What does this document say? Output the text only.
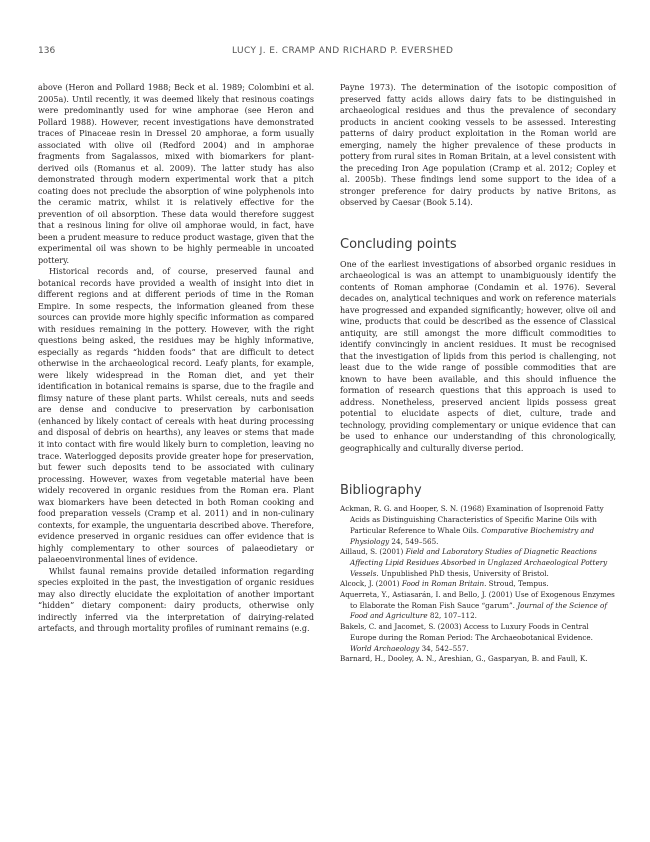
136	LUCY J. E. CRAMP AND RICHARD P. EVERSHED

above (Heron and Pollard 1988; Beck et al. 1989; Colombini et al. 2005a). Until recently, it was deemed likely that resinous coatings were predominantly used for wine amphorae (see Heron and Pollard 1988). However, recent investigations have demonstrated traces of Pinaceae resin in Dressel 20 amphorae, a form usually associated with olive oil (Redford 2004) and in amphorae fragments from Sagalassos, mixed with biomarkers for plant-derived oils (Romanus et al. 2009). The latter study has also demonstrated through modern experimental work that a pitch coating does not preclude the absorption of wine polyphenols into the ceramic matrix, whilst it is relatively effective for the prevention of oil absorption. These data would therefore suggest that a resinous lining for olive oil amphorae would, in fact, have been a prudent measure to reduce product wastage, given that the experimental oil was shown to be highly permeable in uncoated pottery.

Historical records and, of course, preserved faunal and botanical records have provided a wealth of insight into diet in different regions and at different periods of time in the Roman Empire. In some respects, the information gleaned from these sources can provide more highly specific information as compared with residues remaining in the pottery. However, with the right questions being asked, the residues may be highly informative, especially as regards “hidden foods” that are difficult to detect otherwise in the archaeological record. Leafy plants, for example, were likely widespread in the Roman diet, and yet their identification in botanical remains is sparse, due to the fragile and flimsy nature of these plant parts. Whilst cereals, nuts and seeds are dense and conducive to preservation by carbonisation (enhanced by likely contact of cereals with heat during processing and disposal of debris on hearths), any leaves or stems that made it into contact with fire would likely burn to completion, leaving no trace. Waterlogged deposits provide greater hope for preservation, but fewer such deposits tend to be associated with culinary processing. However, waxes from vegetable material have been widely recovered in organic residues from the Roman era. Plant wax biomarkers have been detected in both Roman cooking and food preparation vessels (Cramp et al. 2011) and in non-culinary contexts, for example, the unguentaria described above. Therefore, evidence preserved in organic residues can offer evidence that is highly complementary to other sources of palaeodietary or palaeoenvironmental lines of evidence.

Whilst faunal remains provide detailed information regarding species exploited in the past, the investigation of organic residues may also directly elucidate the exploitation of another important “hidden” dietary component: dairy products, otherwise only indirectly inferred via the interpretation of dairying-related artefacts, and through mortality profiles of ruminant remains (e.g.

Payne 1973). The determination of the isotopic composition of preserved fatty acids allows dairy fats to be distinguished in archaeological residues and thus the prevalence of secondary products in ancient cooking vessels to be assessed. Interesting patterns of dairy product exploitation in the Roman world are emerging, namely the higher prevalence of these products in pottery from rural sites in Roman Britain, at a level consistent with the preceding Iron Age population (Cramp et al. 2012; Copley et al. 2005b). These findings lend some support to the idea of a stronger preference for dairy products by native Britons, as observed by Caesar (Book 5.14).

Concluding points

One of the earliest investigations of absorbed organic residues in archaeological is was an attempt to unambiguously identify the contents of Roman amphorae (Condamin et al. 1976). Several decades on, analytical techniques and work on reference materials have progressed and expanded significantly; however, olive oil and wine, products that could be described as the essence of Classical antiquity, are still amongst the more difficult commodities to identify convincingly in ancient residues. It must be recognised that the investigation of lipids from this period is challenging, not least due to the wide range of possible commodities that are known to have been available, and this should influence the formation of research questions that this approach is used to address. Nonetheless, preserved ancient lipids possess great potential to elucidate aspects of diet, culture, trade and technology, providing complementary or unique evidence that can be used to enhance our understanding of this chronologically, geographically and culturally diverse period.

Bibliography
Ackman, R. G. and Hooper, S. N. (1968) Examination of Isoprenoid Fatty Acids as Distinguishing Characteristics of Specific Marine Oils with Particular Reference to Whale Oils. Comparative Biochemistry and Physiology 24, 549–565.
Aillaud, S. (2001) Field and Laboratory Studies of Diagnetic Reactions Affecting Lipid Residues Absorbed in Unglazed Archaeological Pottery Vessels. Unpublished PhD thesis, University of Bristol.
Alcock, J. (2001) Food in Roman Britain. Stroud, Tempus.
Aquerreta, Y., Astiasarán, I. and Bello, J. (2001) Use of Exogenous Enzymes to Elaborate the Roman Fish Sauce “garum”. Journal of the Science of Food and Agriculture 82, 107–112.
Bakels, C. and Jacomet, S. (2003) Access to Luxury Foods in Central Europe during the Roman Period: The Archaeobotanical Evidence. World Archaeology 34, 542–557.
Barnard, H., Dooley, A. N., Areshian, G., Gasparyan, B. and Faull, K.
